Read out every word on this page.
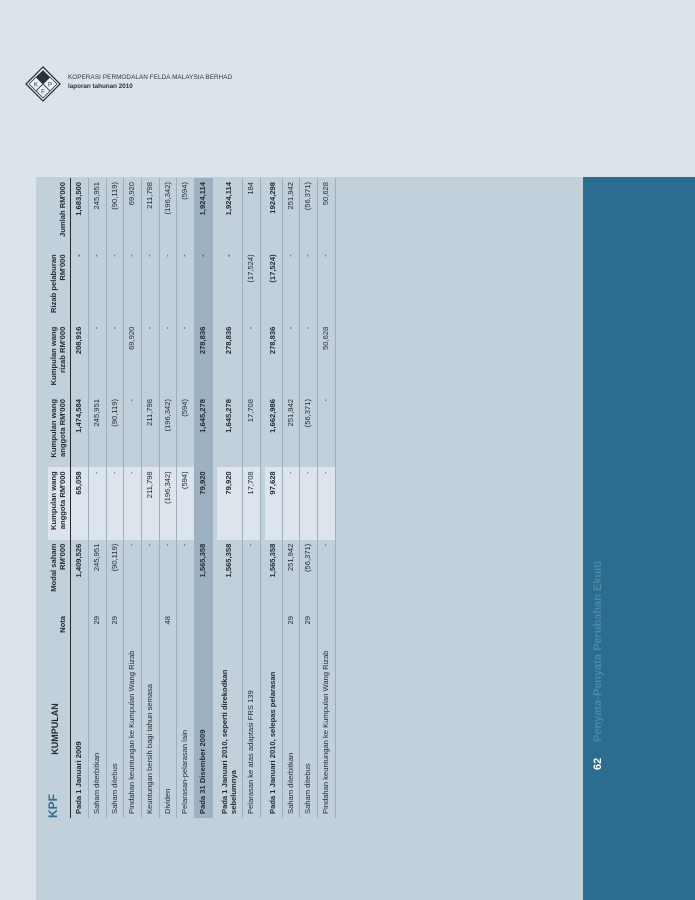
K P
F
KOPERASI PERMODALAN FELDA MALAYSIA BERHAD
laporan tahunan 2010
KPF
KUMPULAN	Nota	Modal saham RM'000	Kumpulan wang anggota RM'000	Kumpulan wang anggota RM'000	Kumpulan wang rizab RM'000	Rizab pelaburan RM'000	Jumlah RM'000
Pada 1 Januari 2009		1,409,526	65,058	1,474,584	208,916	-	1,683,500
Saham diterbitkan	29	245,951	-	245,951	-	-	245,951
Saham ditebus	29	(90,119)	-	(90,119)	-	-	(90,119)
Pindahan keuntungan ke Kumpulan Wang Rizab		-	-	-	69,920	-	69,920
Keuntungan bersih bagi tahun semasa		-	211,798	211,798	-	-	211,798
Dividen	48	-	(196,342)	(196,342)	-	-	(196,342)
Pelarasan-pelarasan lain		-	(594)	(594)	-	-	(594)
Pada 31 Disember 2009		1,565,358	79,920	1,645,278	278,836	-	1,924,114

Pada 1 Januari 2010, seperti direkodkan sebelumnya		1,565,358	79,920	1,645,278	278,836	-	1,924,114
Pelarasan ke atas adaptasi FRS 139		-	17,708	17,708	-	(17,524)	184

Pada 1 Januari 2010, selepas pelarasan		1,565,358	97,628	1,662,986	278,836	(17,524)	1924,298
Saham diterbitkan	29	251,942	-	251,942	-	-	251,942
Saham ditebus	29	(56,371)	-	(56,371)	-	-	(56,371)
Pindahan keuntungan ke Kumpulan Wang Rizab		-	-	-	50,628	-	50,628
62
Penyata-Penyata Perubahan Ekuiti
